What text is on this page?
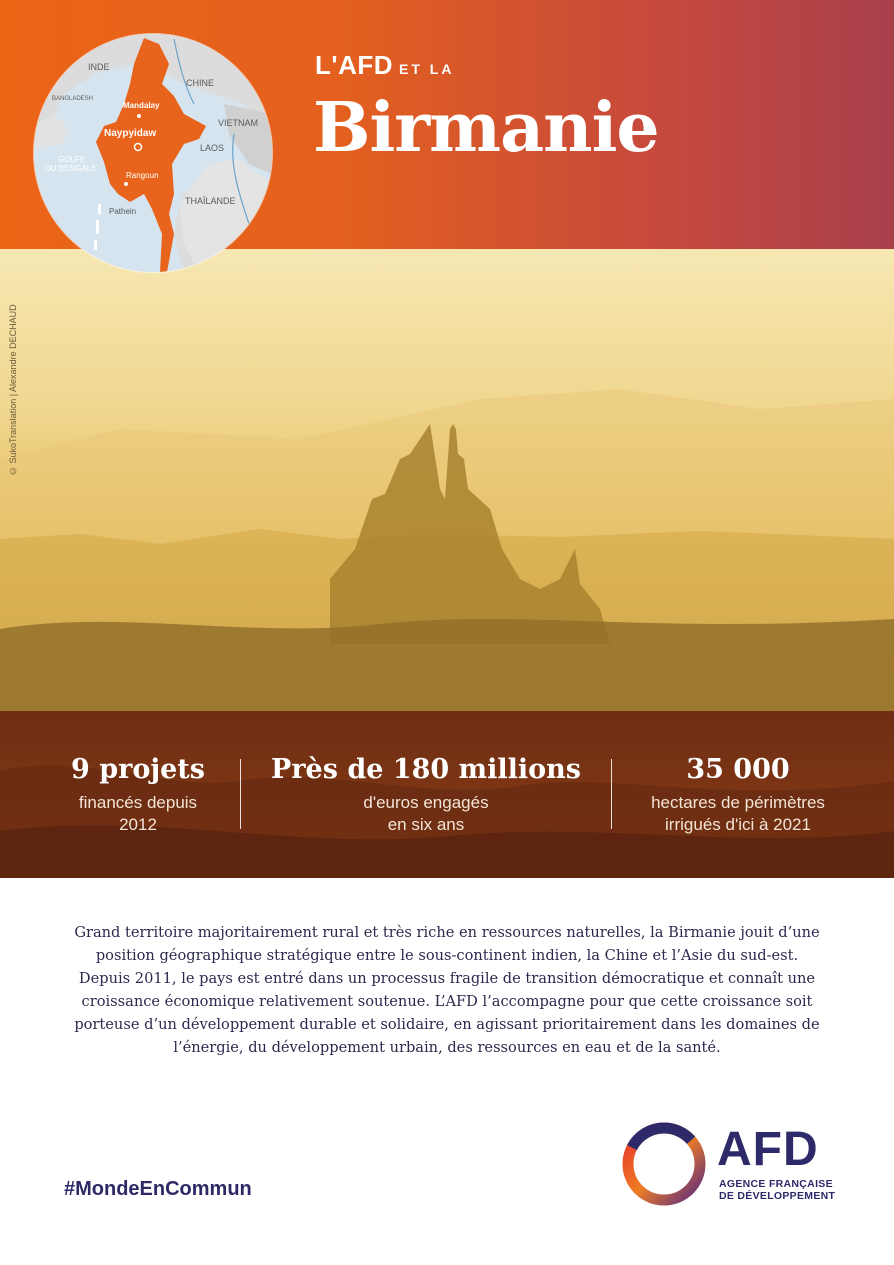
INDE
CHINE
BANGLADESH
VIETNAM
LAOS
THAÏLANDE
GOLFE
DU BENGALE
Mandalay
Naypyidaw
Rangoun
Pathein
L'AFD ET LA
Birmanie
© SukoTranslation | Alexandre DECHAUD
9 projets
financés depuis
2012
Près de 180 millions
d'euros engagés
en six ans
35 000
hectares de périmètres
irrigués d'ici à 2021
Grand territoire majoritairement rural et très riche en ressources naturelles, la Birmanie jouit d’une position géographique stratégique entre le sous-continent indien, la Chine et l’Asie du sud-est. Depuis 2011, le pays est entré dans un processus fragile de transition démocratique et connaît une croissance économique relativement soutenue. L’AFD l’accompagne pour que cette croissance soit porteuse d’un développement durable et solidaire, en agissant prioritairement dans les domaines de l’énergie, du développement urbain, des ressources en eau et de la santé.
#MondeEnCommun
AFD
AGENCE FRANÇAISE
DE DÉVELOPPEMENT
